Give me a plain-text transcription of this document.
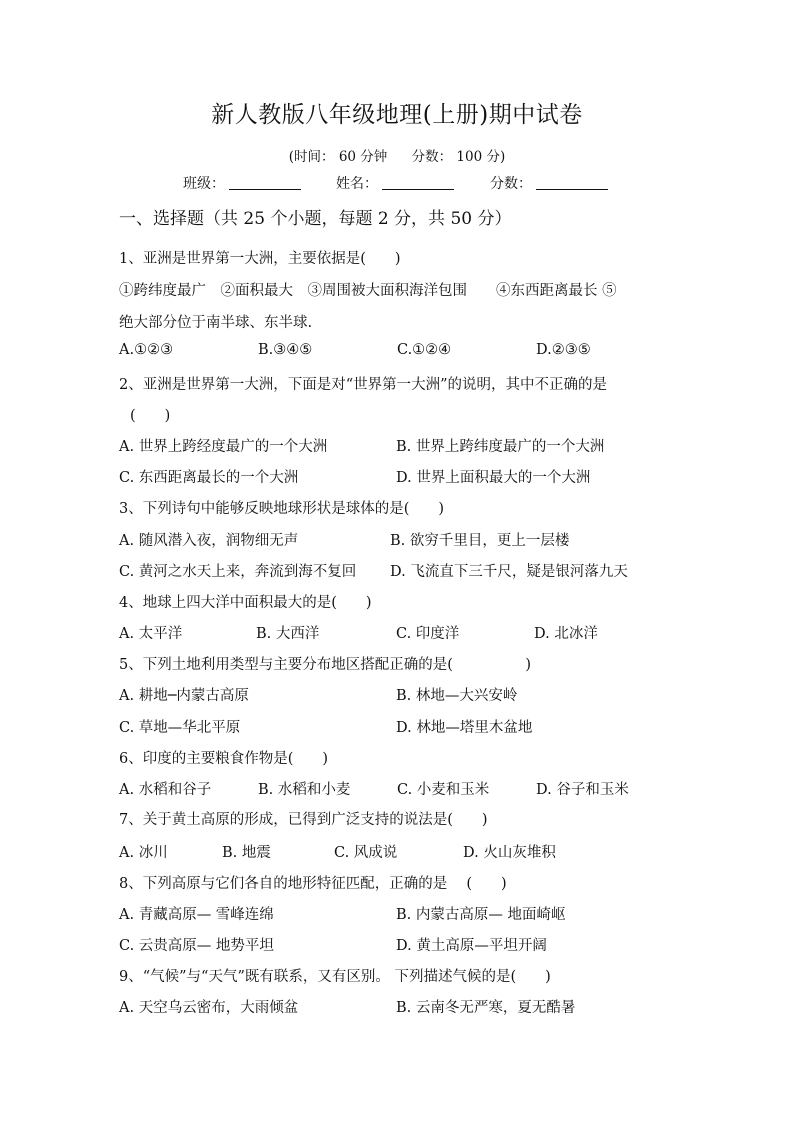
新人教版八年级地理(上册)期中试卷
(时间： 60 分钟 分数： 100 分)
班级：	姓名：	分数：
一、选择题（共 25 个小题，每题 2 分，共 50 分）
1、亚洲是世界第一大洲，主要依据是(　　)
①跨纬度最广　②面积最大　③周围被大面积海洋包围　　④东西距离最长 ⑤
绝大部分位于南半球、东半球.
A.①②③	B.③④⑤	C.①②④	D.②③⑤
2、亚洲是世界第一大洲，下面是对“世界第一大洲”的说明，其中不正确的是
(　　)
A. 世界上跨经度最广的一个大洲	B. 世界上跨纬度最广的一个大洲
C. 东西距离最长的一个大洲	D. 世界上面积最大的一个大洲
3、下列诗句中能够反映地球形状是球体的是(　　)
A. 随风潜入夜，润物细无声	B. 欲穷千里目，更上一层楼
C. 黄河之水天上来，奔流到海不复回 D. 飞流直下三千尺，疑是银河落九天
4、地球上四大洋中面积最大的是(　　)
A. 太平洋	B. 大西洋	C. 印度洋	D. 北冰洋
5、下列土地利用类型与主要分布地区搭配正确的是(　　　　　)
A. 耕地─内蒙古高原	B. 林地—大兴安岭
C. 草地—华北平原	D. 林地—塔里木盆地
6、印度的主要粮食作物是(　　)
A. 水稻和谷子	B. 水稻和小麦	C. 小麦和玉米	D. 谷子和玉米
7、关于黄土高原的形成，已得到广泛支持的说法是(　　)
A. 冰川	B. 地震	C. 风成说	D. 火山灰堆积
8、下列高原与它们各自的地形特征匹配，正确的是　 (　　)
A. 青藏高原— 雪峰连绵	B. 内蒙古高原— 地面崎岖
C. 云贵高原— 地势平坦	D. 黄土高原—平坦开阔
9、“气候”与“天气”既有联系，又有区别。 下列描述气候的是(　　)
A. 天空乌云密布，大雨倾盆	B. 云南冬无严寒，夏无酷暑
